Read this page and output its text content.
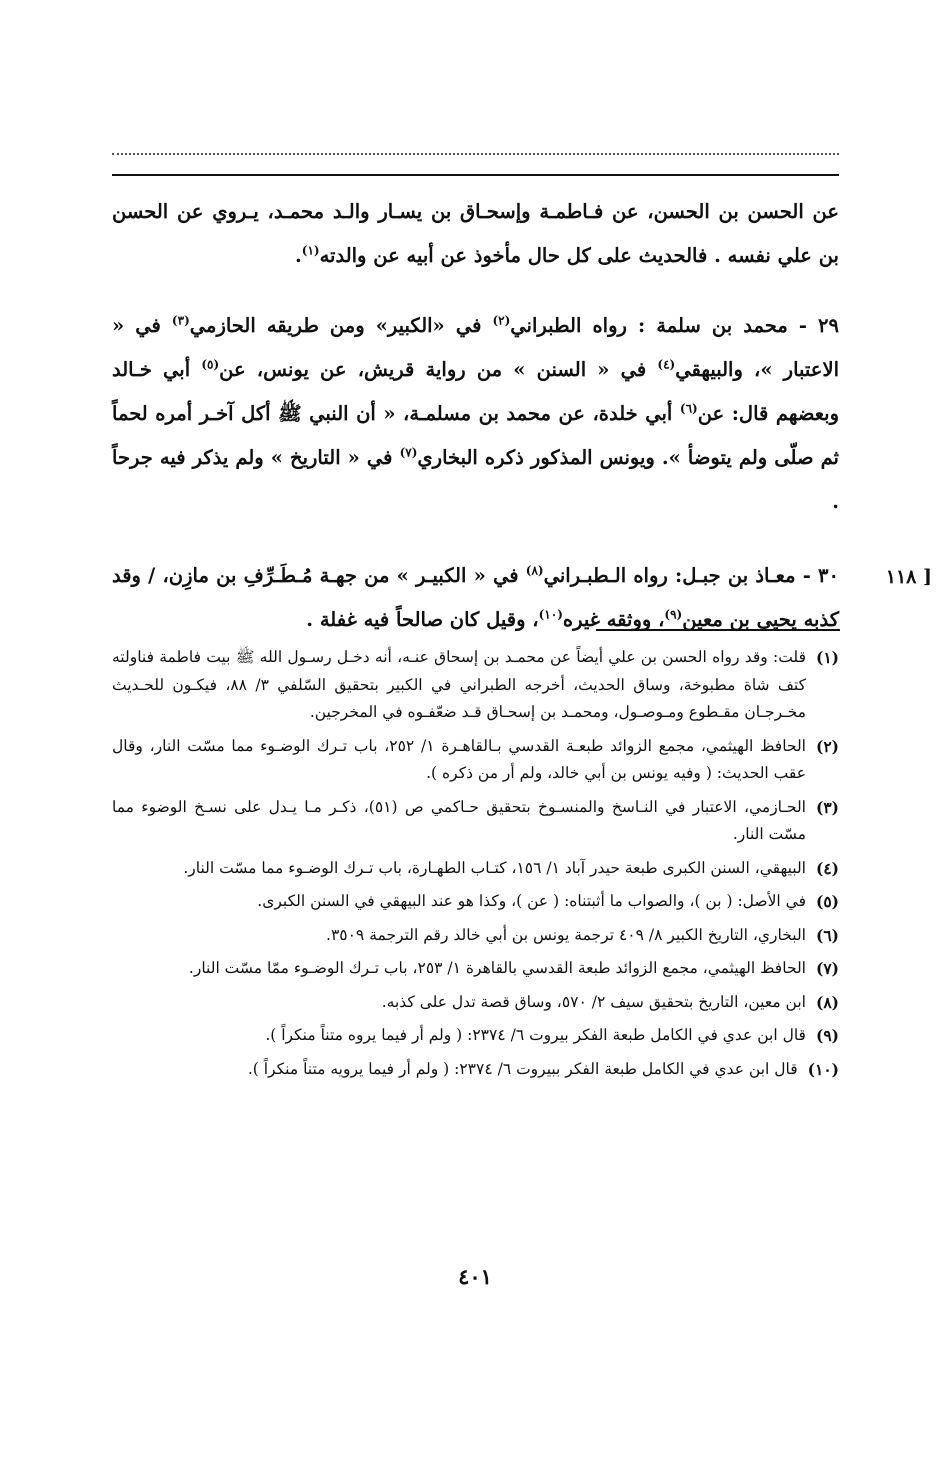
عن الحسن بن الحسن، عن فـاطمـة وإسحـاق بن يسـار والـد محمـد، يـروي عن الحسن بن علي نفسه . فالحديث على كل حال مأخوذ عن أبيه عن والدته$^{(١)}$.

٢٩ - محمد بن سلمة : رواه الطبراني$^{(٢)}$ في «الكبير» ومن طريقه الحازمي$^{(٣)}$ في « الاعتبار »، والبيهقي$^{(٤)}$ في « السنن » من رواية قريش، عن يونس، عن$^{(٥)}$ أبي خـالد وبعضهم قال: عن$^{(٦)}$ أبي خلدة، عن محمد بن مسلمـة، « أن النبي ﷺ أكل آخـر أمره لحماً ثم صلّى ولم يتوضأ ». ويونس المذكور ذكره البخاري$^{(٧)}$ في « التاريخ » ولم يذكر فيه جرحاً .

٣٠ - معـاذ بن جبـل: رواه الـطبـراني$^{(٨)}$ في « الكبيـر » من جهـة مُـطَـرِّفِ بن مازِن، / وقد كذبه يحيى بن معين$^{(٩)}$، ووثقه غيره$^{(١٠)}$، وقيل كان صالحاً فيه غفلة .

[ ١١٨
(١)
قلت: وقد رواه الحسن بن علي أيضاً عن محمـد بن إسحاق عنـه، أنه دخـل رسـول الله ﷺ بيت فاطمة فناولته كتف شاة مطبوخة، وساق الحديث، أخرجه الطبراني في الكبير بتحقيق السّلفي ٣/ ٨٨، فيكـون للحـديث مخـرجـان مقـطوع ومـوصـول، ومحمـد بن إسحـاق قـد ضعّفـوه في المخرجين.
(٢)
الحافظ الهيثمي، مجمع الزوائد طبعـة القدسي بـالقاهـرة ١/ ٢٥٢، باب تـرك الوضـوء مما مسّت النار، وقال عقب الحديث: ( وفيه يونس بن أبي خالد، ولم أر من ذكره ).
(٣)
الحـازمي، الاعتبار في النـاسخ والمنسـوخ بتحقيق حـاكمي ص (٥١)، ذكـر مـا يـدل على نسـخ الوضوء مما مسّت النار.
(٤)
البيهقي، السنن الكبرى طبعة حيدر آباد ١/ ١٥٦، كتـاب الطهـارة، باب تـرك الوضـوء مما مسّت النار.
(٥)
في الأصل: ( بن )، والصواب ما أثبتناه: ( عن )، وكذا هو عند البيهقي في السنن الكبرى.
(٦)
البخاري، التاريخ الكبير ٨/ ٤٠٩ ترجمة يونس بن أبي خالد رقم الترجمة ٣٥٠٩.
(٧)
الحافظ الهيثمي، مجمع الزوائد طبعة القدسي بالقاهرة ١/ ٢٥٣، باب تـرك الوضـوء ممّا مسّت النار.
(٨)
ابن معين، التاريخ بتحقيق سيف ٢/ ٥٧٠، وساق قصة تدل على كذبه.
(٩)
قال ابن عدي في الكامل طبعة الفكر بيروت ٦/ ٢٣٧٤: ( ولم أر فيما يروه متناً منكراً ).
(١٠)
قال ابن عدي في الكامل طبعة الفكر ببيروت ٦/ ٢٣٧٤: ( ولم أر فيما يرويه متناً منكراً ).
٤٠١
